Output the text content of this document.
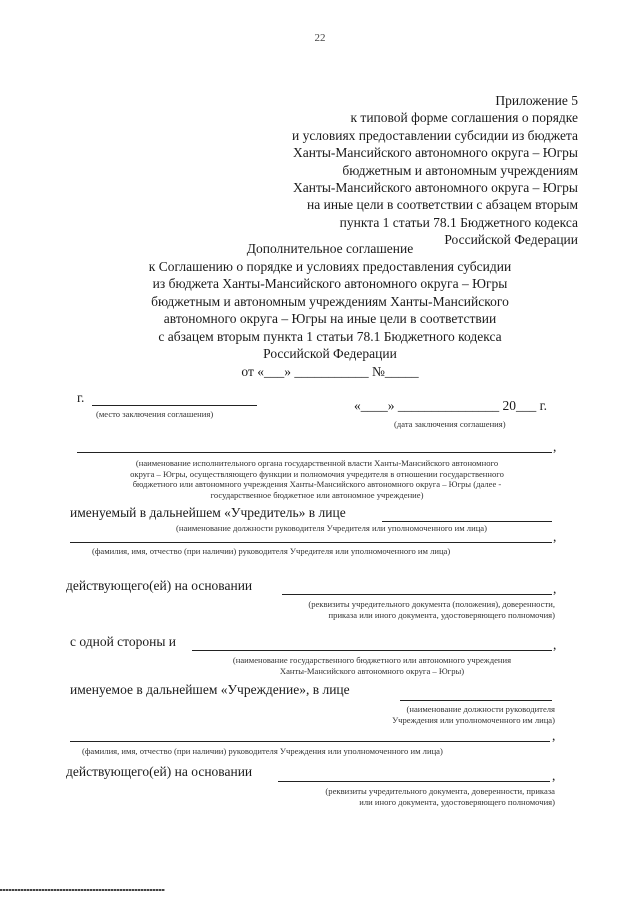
22
Приложение 5
к типовой форме соглашения о порядке
и условиях предоставлении субсидии из бюджета
Ханты-Мансийского автономного округа – Югры
бюджетным и автономным учреждениям
Ханты-Мансийского автономного округа – Югры
на иные цели в соответствии с абзацем вторым
пункта 1 статьи 78.1 Бюджетного кодекса
Российской Федерации
Дополнительное соглашение
к Соглашению о порядке и условиях предоставления субсидии
из бюджета Ханты-Мансийского автономного округа – Югры
бюджетным и автономным учреждениям Ханты-Мансийского
автономного округа – Югры на иные цели в соответствии
с абзацем вторым пункта 1 статьи 78.1 Бюджетного кодекса
Российской Федерации
от «___» ___________ №_____
г.
(место заключения соглашения)
«____» _______________ 20___ г.
(дата заключения соглашения)
,
(наименование исполнительного органа государственной власти Ханты-Мансийского автономного
округа – Югры, осуществляющего функции и полномочия учредителя в отношении государственного
бюджетного или автономного учреждения Ханты-Мансийского автономного округа – Югры (далее -
государственное бюджетное или автономное учреждение)
именуемый в дальнейшем «Учредитель» в лице
(наименование должности руководителя Учредителя или уполномоченного им лица)
,
(фамилия, имя, отчество (при наличии) руководителя Учредителя или уполномоченного им лица)
действующего(ей) на основании	,
(реквизиты учредительного документа (положения), доверенности,
приказа или иного документа, удостоверяющего полномочия)
с одной стороны и	,
(наименование государственного бюджетного или автономного учреждения
Ханты-Мансийского автономного округа – Югры)
именуемое в дальнейшем «Учреждение», в лице
(наименование должности руководителя
Учреждения или уполномоченного им лица)
,
(фамилия, имя, отчество (при наличии) руководителя Учреждения или уполномоченного им лица)
действующего(ей) на основании	,
(реквизиты учредительного документа, доверенности, приказа
или иного документа, удостоверяющего полномочия)
